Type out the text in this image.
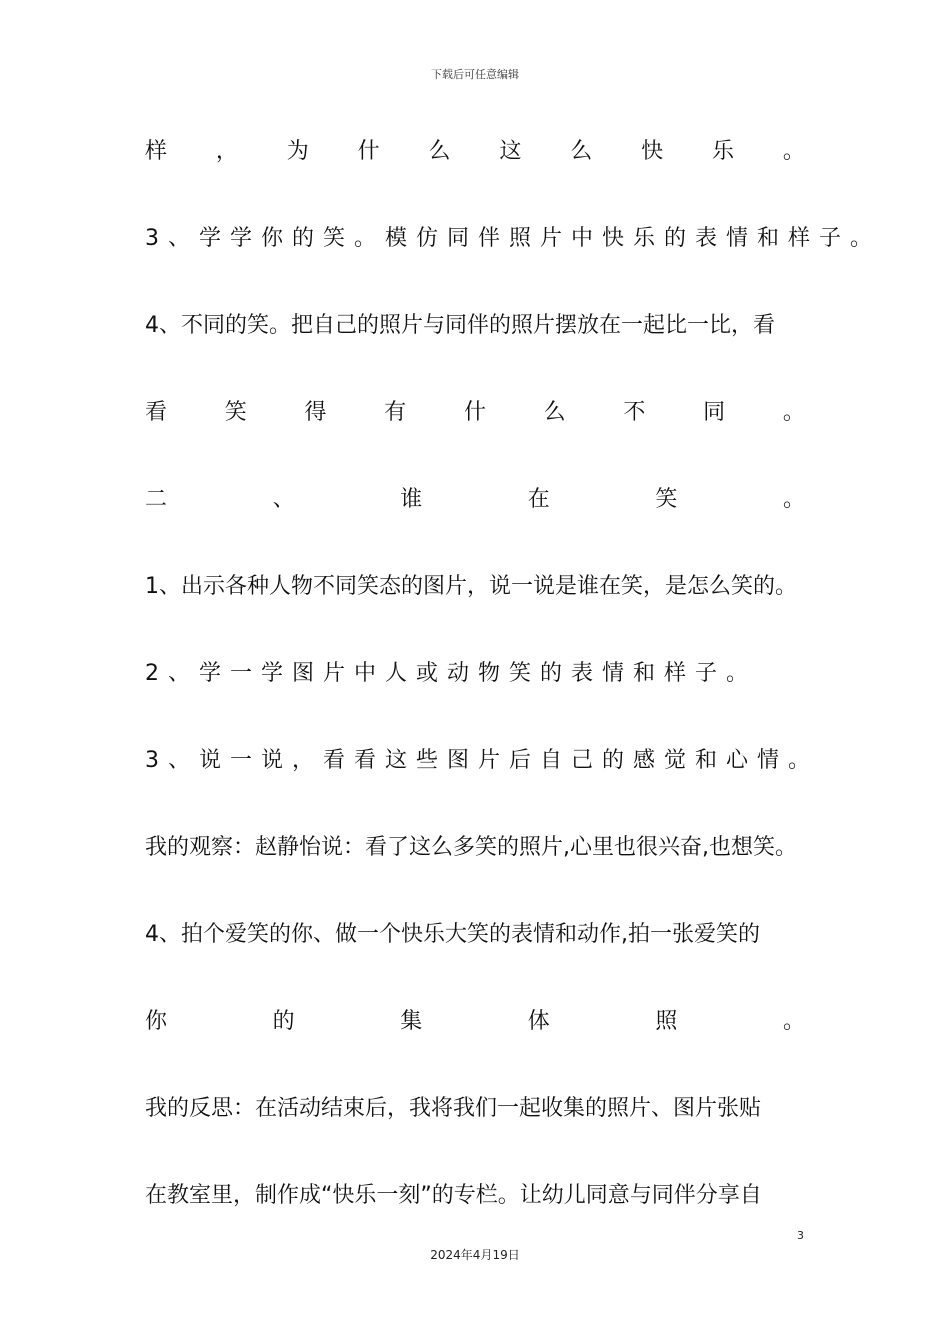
下载后可任意编辑
样 ， 为 什 么 这 么 快 乐 。
3、学学你的笑。模仿同伴照片中快乐的表情和样子。
4、不同的笑。把自己的照片与同伴的照片摆放在一起比一比，看
看	笑	得	有	什	么	不	同	。
二	、	谁	在	笑	。
1、出示各种人物不同笑态的图片，说一说是谁在笑，是怎么笑的。
2、学一学图片中人或动物笑的表情和样子。
3、说一说，看看这些图片后自己的感觉和心情。
我的观察：赵静怡说：看了这么多笑的照片,心里也很兴奋,也想笑。
4、拍个爱笑的你、做一个快乐大笑的表情和动作,拍一张爱笑的
你	的	集	体	照	。
我的反思：在活动结束后，我将我们一起收集的照片、图片张贴
在教室里，制作成“快乐一刻”的专栏。让幼儿同意与同伴分享自
3
2024年4月19日
